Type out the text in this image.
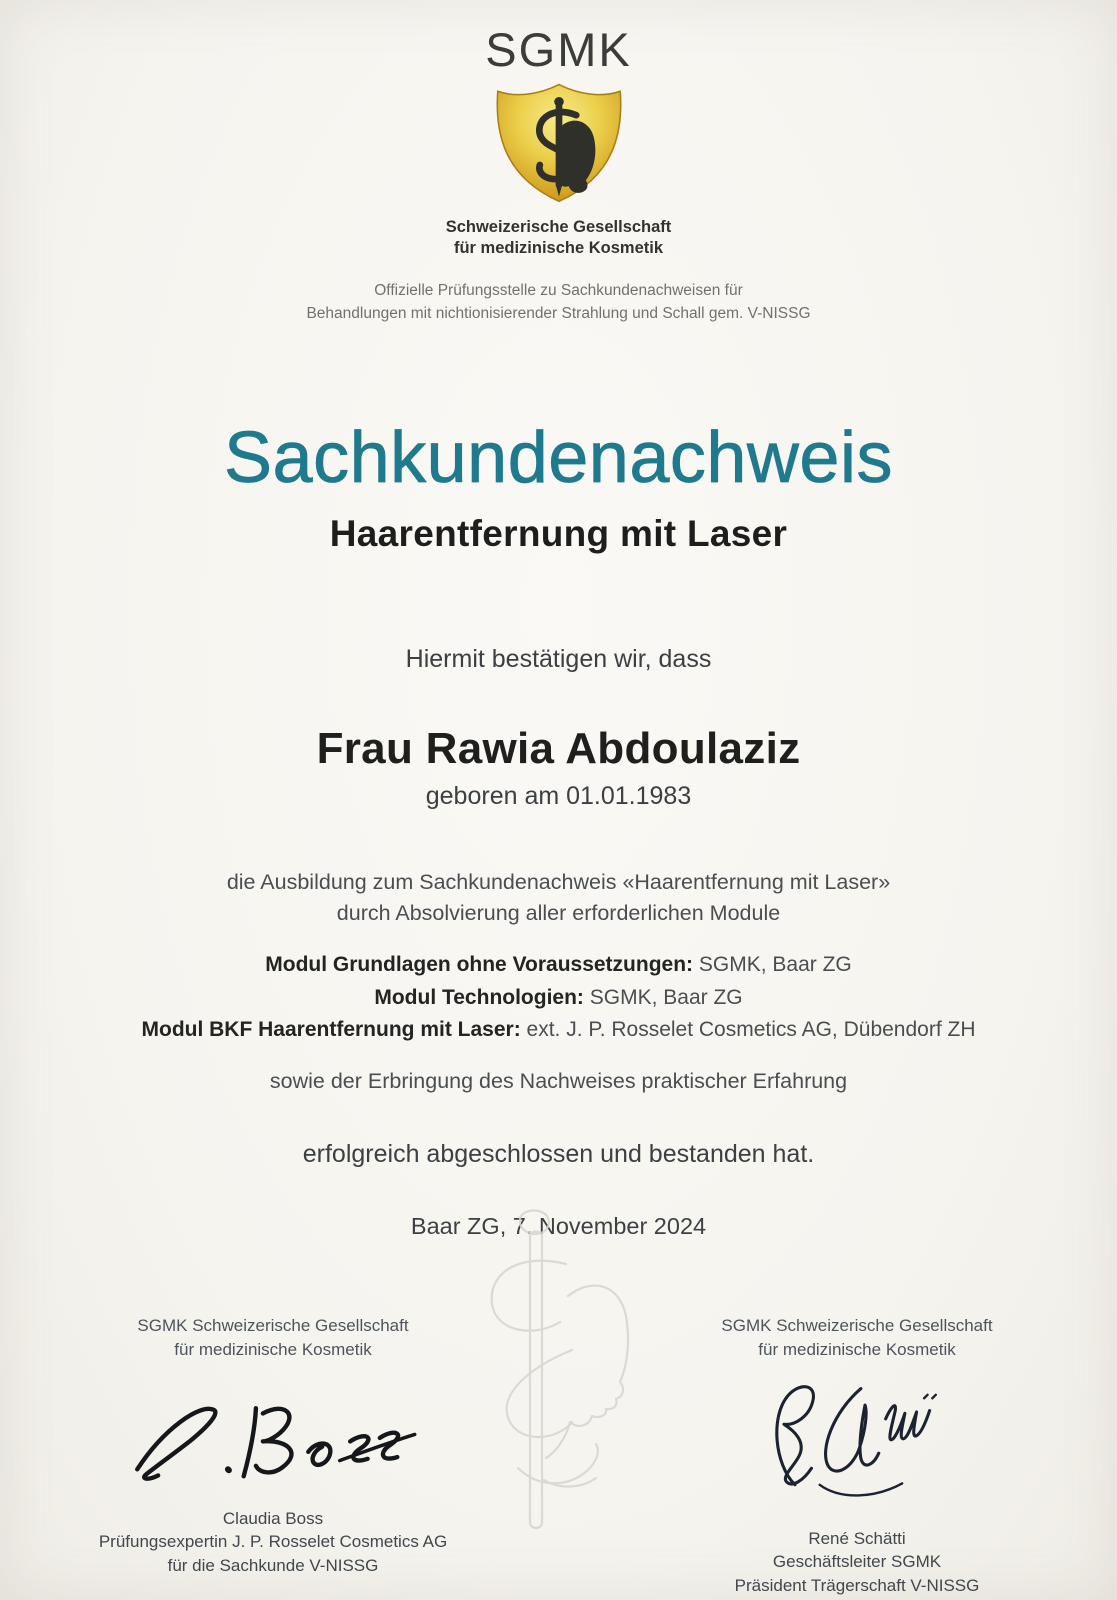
SGMK
Schweizerische Gesellschaft
für medizinische Kosmetik
Offizielle Prüfungsstelle zu Sachkundenachweisen für
Behandlungen mit nichtionisierender Strahlung und Schall gem. V-NISSG
Sachkundenachweis
Haarentfernung mit Laser
Hiermit bestätigen wir, dass
Frau Rawia Abdoulaziz
geboren am 01.01.1983
die Ausbildung zum Sachkundenachweis «Haarentfernung mit Laser»
durch Absolvierung aller erforderlichen Module
Modul Grundlagen ohne Voraussetzungen: SGMK, Baar ZG
Modul Technologien: SGMK, Baar ZG
Modul BKF Haarentfernung mit Laser: ext. J. P. Rosselet Cosmetics AG, Dübendorf ZH
sowie der Erbringung des Nachweises praktischer Erfahrung
erfolgreich abgeschlossen und bestanden hat.
Baar ZG, 7. November 2024
SGMK Schweizerische Gesellschaft
für medizinische Kosmetik
Claudia Boss
Prüfungsexpertin J. P. Rosselet Cosmetics AG
für die Sachkunde V-NISSG
SGMK Schweizerische Gesellschaft
für medizinische Kosmetik
René Schätti
Geschäftsleiter SGMK
Präsident Trägerschaft V-NISSG
